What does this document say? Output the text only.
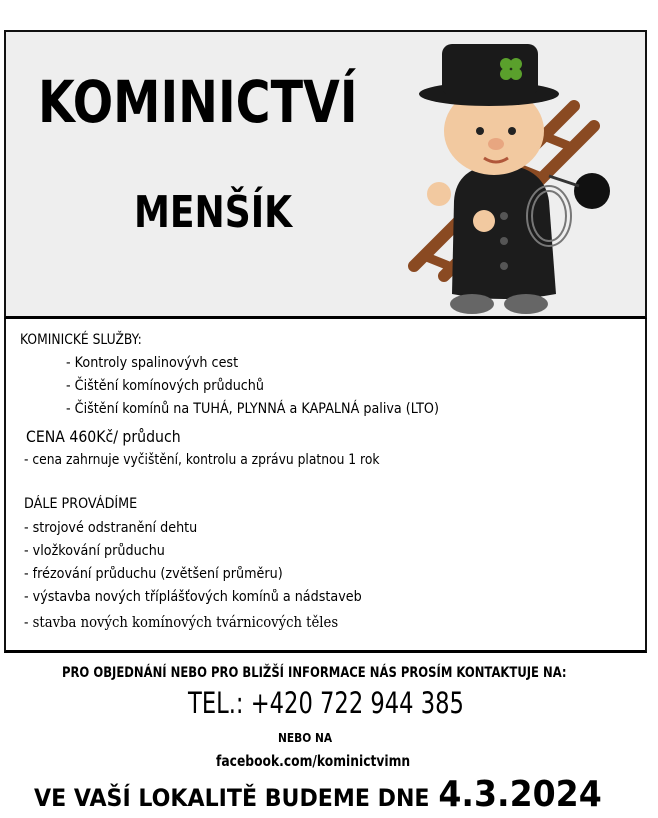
KOMINICTVÍ
MENŠÍK
KOMINICKÉ SLUŽBY:
- Kontroly spalinovývh cest
- Čištění komínových průduchů
- Čištění komínů na TUHÁ, PLYNNÁ a KAPALNÁ paliva (LTO)
CENA 460Kč/ průduch
- cena zahrnuje vyčištění, kontrolu a zprávu platnou 1 rok
DÁLE PROVÁDÍME
- strojové odstranění dehtu
- vložkování průduchu
- frézování průduchu (zvětšení průměru)
- výstavba nových tříplášťových komínů a nádstaveb
- stavba nových komínových tvárnicových těles
PRO OBJEDNÁNÍ NEBO PRO BLIŽŠÍ INFORMACE NÁS PROSÍM KONTAKTUJE NA:
TEL.: +420 722 944 385
NEBO NA
facebook.com/kominictvimn
VE VAŠÍ LOKALITĚ BUDEME DNE 4.3.2024
